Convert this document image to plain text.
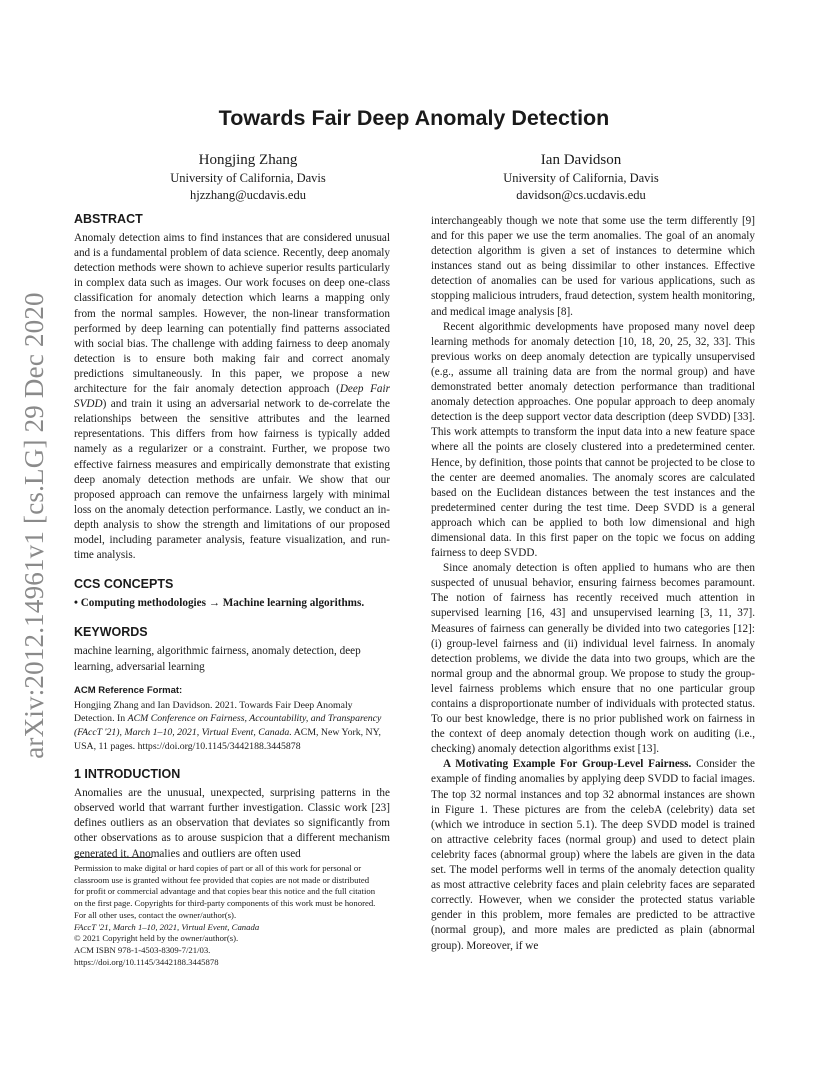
arXiv:2012.14961v1 [cs.LG] 29 Dec 2020
Towards Fair Deep Anomaly Detection
Hongjing Zhang
University of California, Davis
hjzzhang@ucdavis.edu
Ian Davidson
University of California, Davis
davidson@cs.ucdavis.edu
ABSTRACT

Anomaly detection aims to find instances that are considered unusual and is a fundamental problem of data science. Recently, deep anomaly detection methods were shown to achieve superior results particularly in complex data such as images. Our work focuses on deep one-class classification for anomaly detection which learns a mapping only from the normal samples. However, the non-linear transformation performed by deep learning can potentially find patterns associated with social bias. The challenge with adding fairness to deep anomaly detection is to ensure both making fair and correct anomaly predictions simultaneously. In this paper, we propose a new architecture for the fair anomaly detection approach (Deep Fair SVDD) and train it using an adversarial network to de-correlate the relationships between the sensitive attributes and the learned representations. This differs from how fairness is typically added namely as a regularizer or a constraint. Further, we propose two effective fairness measures and empirically demonstrate that existing deep anomaly detection methods are unfair. We show that our proposed approach can remove the unfairness largely with minimal loss on the anomaly detection performance. Lastly, we conduct an in-depth analysis to show the strength and limitations of our proposed model, including parameter analysis, feature visualization, and run-time analysis.

CCS CONCEPTS

• Computing methodologies → Machine learning algorithms.

KEYWORDS

machine learning, algorithmic fairness, anomaly detection, deep learning, adversarial learning

ACM Reference Format:

Hongjing Zhang and Ian Davidson. 2021. Towards Fair Deep Anomaly Detection. In ACM Conference on Fairness, Accountability, and Transparency (FAccT '21), March 1–10, 2021, Virtual Event, Canada. ACM, New York, NY, USA, 11 pages. https://doi.org/10.1145/3442188.3445878

1 INTRODUCTION

Anomalies are the unusual, unexpected, surprising patterns in the observed world that warrant further investigation. Classic work [23] defines outliers as an observation that deviates so significantly from other observations as to arouse suspicion that a different mechanism generated it. Anomalies and outliers are often used

Permission to make digital or hard copies of part or all of this work for personal or
classroom use is granted without fee provided that copies are not made or distributed
for profit or commercial advantage and that copies bear this notice and the full citation
on the first page. Copyrights for third-party components of this work must be honored.
For all other uses, contact the owner/author(s).
FAccT '21, March 1–10, 2021, Virtual Event, Canada
© 2021 Copyright held by the owner/author(s).
ACM ISBN 978-1-4503-8309-7/21/03.
https://doi.org/10.1145/3442188.3445878

interchangeably though we note that some use the term differently [9] and for this paper we use the term anomalies. The goal of an anomaly detection algorithm is given a set of instances to determine which instances stand out as being dissimilar to other instances. Effective detection of anomalies can be used for various applications, such as stopping malicious intruders, fraud detection, system health monitoring, and medical image analysis [8].

Recent algorithmic developments have proposed many novel deep learning methods for anomaly detection [10, 18, 20, 25, 32, 33]. This previous works on deep anomaly detection are typically unsupervised (e.g., assume all training data are from the normal group) and have demonstrated better anomaly detection performance than traditional anomaly detection approaches. One popular approach to deep anomaly detection is the deep support vector data description (deep SVDD) [33]. This work attempts to transform the input data into a new feature space where all the points are closely clustered into a predetermined center. Hence, by definition, those points that cannot be projected to be close to the center are deemed anomalies. The anomaly scores are calculated based on the Euclidean distances between the test instances and the predetermined center during the test time. Deep SVDD is a general approach which can be applied to both low dimensional and high dimensional data. In this first paper on the topic we focus on adding fairness to deep SVDD.

Since anomaly detection is often applied to humans who are then suspected of unusual behavior, ensuring fairness becomes paramount. The notion of fairness has recently received much attention in supervised learning [16, 43] and unsupervised learning [3, 11, 37]. Measures of fairness can generally be divided into two categories [12]: (i) group-level fairness and (ii) individual level fairness. In anomaly detection problems, we divide the data into two groups, which are the normal group and the abnormal group. We propose to study the group-level fairness problems which ensure that no one particular group contains a disproportionate number of individuals with protected status. To our best knowledge, there is no prior published work on fairness in the context of deep anomaly detection though work on auditing (i.e., checking) anomaly detection algorithms exist [13].

A Motivating Example For Group-Level Fairness. Consider the example of finding anomalies by applying deep SVDD to facial images. The top 32 normal instances and top 32 abnormal instances are shown in Figure 1. These pictures are from the celebA (celebrity) data set (which we introduce in section 5.1). The deep SVDD model is trained on attractive celebrity faces (normal group) and used to detect plain celebrity faces (abnormal group) where the labels are given in the data set. The model performs well in terms of the anomaly detection quality as most attractive celebrity faces and plain celebrity faces are separated correctly. However, when we consider the protected status variable gender in this problem, more females are predicted to be attractive (normal group), and more males are predicted as plain (abnormal group). Moreover, if we
